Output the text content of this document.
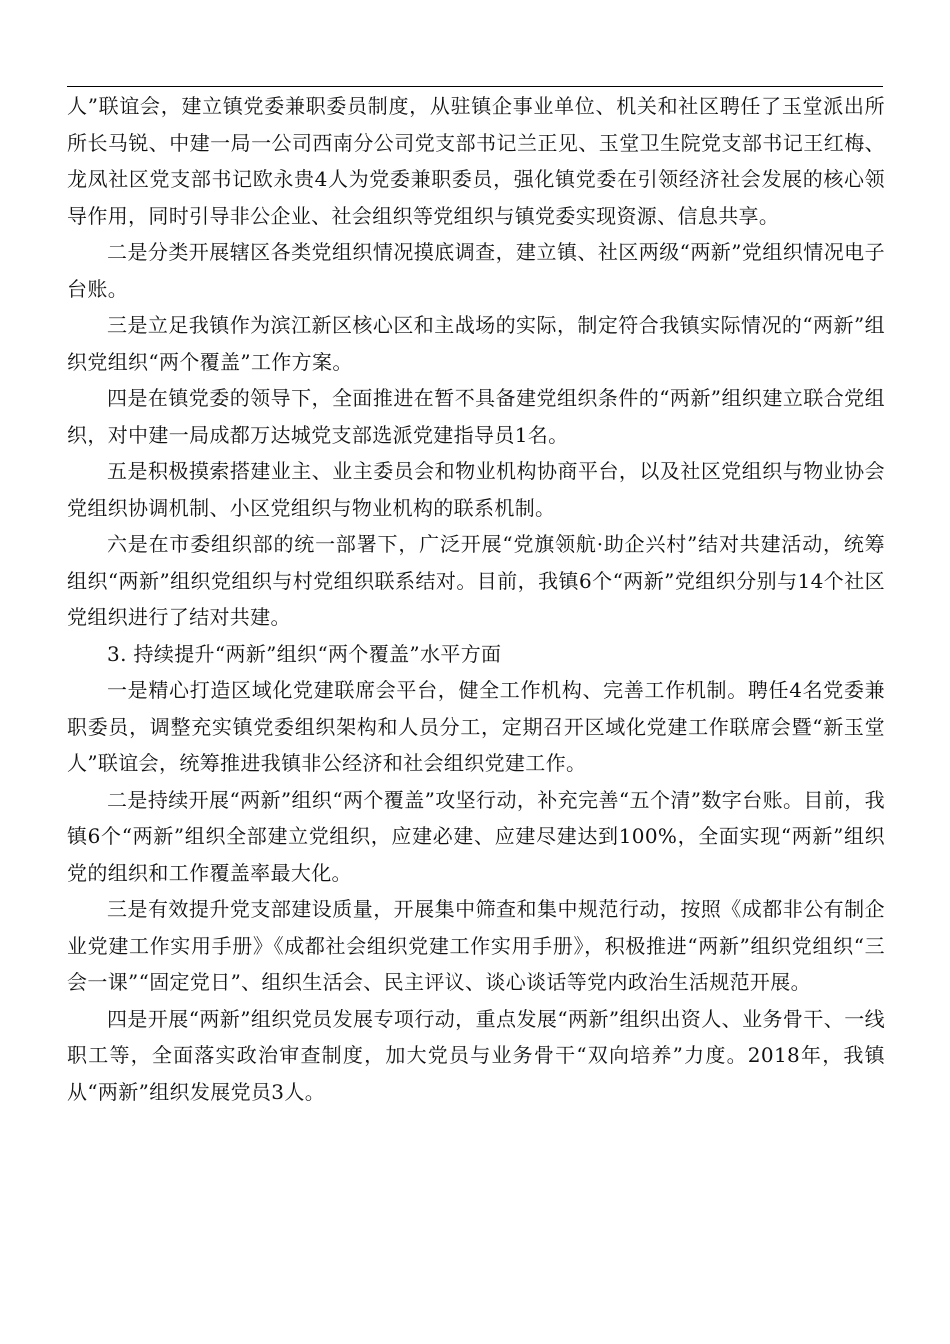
人”联谊会，建立镇党委兼职委员制度，从驻镇企事业单位、机关和社区聘任了玉堂派出所所长马锐、中建一局一公司西南分公司党支部书记兰正见、玉堂卫生院党支部书记王红梅、龙凤社区党支部书记欧永贵4人为党委兼职委员，强化镇党委在引领经济社会发展的核心领导作用，同时引导非公企业、社会组织等党组织与镇党委实现资源、信息共享。

二是分类开展辖区各类党组织情况摸底调查，建立镇、社区两级“两新”党组织情况电子台账。

三是立足我镇作为滨江新区核心区和主战场的实际，制定符合我镇实际情况的“两新”组织党组织“两个覆盖”工作方案。

四是在镇党委的领导下，全面推进在暂不具备建党组织条件的“两新”组织建立联合党组织，对中建一局成都万达城党支部选派党建指导员1名。

五是积极摸索搭建业主、业主委员会和物业机构协商平台，以及社区党组织与物业协会党组织协调机制、小区党组织与物业机构的联系机制。

六是在市委组织部的统一部署下，广泛开展“党旗领航·助企兴村”结对共建活动，统筹组织“两新”组织党组织与村党组织联系结对。目前，我镇6个“两新”党组织分别与14个社区党组织进行了结对共建。

3. 持续提升“两新”组织“两个覆盖”水平方面

一是精心打造区域化党建联席会平台，健全工作机构、完善工作机制。聘任4名党委兼职委员，调整充实镇党委组织架构和人员分工，定期召开区域化党建工作联席会暨“新玉堂人”联谊会，统筹推进我镇非公经济和社会组织党建工作。

二是持续开展“两新”组织“两个覆盖”攻坚行动，补充完善“五个清”数字台账。目前，我镇6个“两新”组织全部建立党组织，应建必建、应建尽建达到100%，全面实现“两新”组织党的组织和工作覆盖率最大化。

三是有效提升党支部建设质量，开展集中筛查和集中规范行动，按照《成都非公有制企业党建工作实用手册》《成都社会组织党建工作实用手册》，积极推进“两新”组织党组织“三会一课”“固定党日”、组织生活会、民主评议、谈心谈话等党内政治生活规范开展。

四是开展“两新”组织党员发展专项行动，重点发展“两新”组织出资人、业务骨干、一线职工等，全面落实政治审查制度，加大党员与业务骨干“双向培养”力度。2018年，我镇从“两新”组织发展党员3人。
